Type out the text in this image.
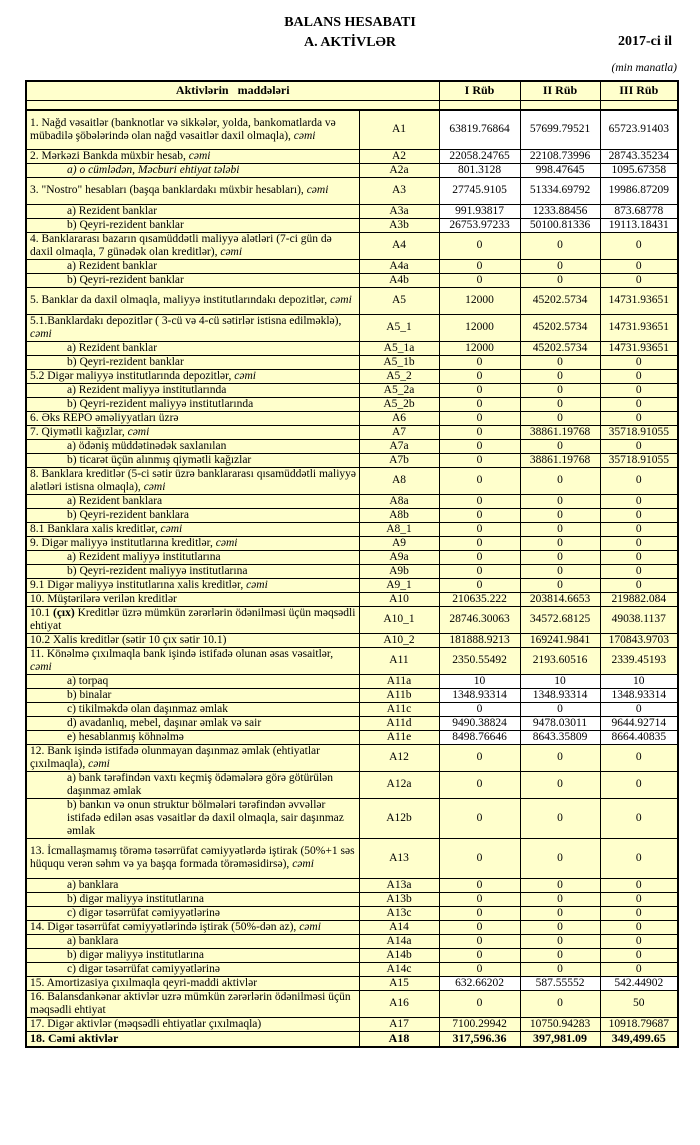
BALANS HESABATI
A. AKTİVLƏR	2017-ci il
(min manatla)
Aktivlərin   maddələri		I Rüb	II Rüb	III Rüb

1. Nağd vəsaitlər (banknotlar və sikkələr, yolda, bankomatlarda və mübadilə şöbələrində olan nağd vəsaitlər daxil olmaqla), cəmi	A1	63819.76864	57699.79521	65723.91403
2. Mərkəzi Bankda müxbir hesab, cəmi	A2	22058.24765	22108.73996	28743.35234
a) o cümlədən, Məcburi ehtiyat tələbi	A2a	801.3128	998.47645	1095.67358
3. "Nostro" hesabları (başqa banklardakı müxbir hesabları), cəmi	A3	27745.9105	51334.69792	19986.87209
a) Rezident banklar	A3a	991.93817	1233.88456	873.68778
b) Qeyri-rezident banklar	A3b	26753.97233	50100.81336	19113.18431
4. Banklararası bazarın qısamüddətli maliyyə alətləri (7-ci gün də daxil olmaqla, 7 günədək olan kreditlər), cəmi	A4	0	0	0
a) Rezident banklar	A4a	0	0	0
b) Qeyri-rezident banklar	A4b	0	0	0
5. Banklar da daxil olmaqla, maliyyə institutlarındakı depozitlər, cəmi	A5	12000	45202.5734	14731.93651
5.1.Banklardakı depozitlər ( 3-cü və 4-cü sətirlər istisna edilməklə), cəmi	A5_1	12000	45202.5734	14731.93651
a) Rezident banklar	A5_1a	12000	45202.5734	14731.93651
b) Qeyri-rezident banklar	A5_1b	0	0	0
5.2 Digər maliyyə institutlarında depozitlər, cəmi	A5_2	0	0	0
a) Rezident maliyyə institutlarında	A5_2a	0	0	0
b) Qeyri-rezident maliyyə institutlarında	A5_2b	0	0	0
6. Əks REPO əməliyyatları üzrə	A6	0	0	0
7. Qiymətli kağızlar, cəmi	A7	0	38861.19768	35718.91055
a) ödəniş müddətinədək saxlanılan	A7a	0	0	0
b) ticarət üçün alınmış qiymətli kağızlar	A7b	0	38861.19768	35718.91055
8. Banklara kreditlər (5-ci sətir üzrə banklararası qısamüddətli maliyyə alətləri istisna olmaqla), cəmi	A8	0	0	0
a) Rezident banklara	A8a	0	0	0
b) Qeyri-rezident banklara	A8b	0	0	0
8.1 Banklara xalis kreditlər, cəmi	A8_1	0	0	0
9. Digər maliyyə institutlarına kreditlər, cəmi	A9	0	0	0
a) Rezident maliyyə institutlarına	A9a	0	0	0
b) Qeyri-rezident maliyyə institutlarına	A9b	0	0	0
9.1 Digər maliyyə institutlarına xalis kreditlər, cəmi	A9_1	0	0	0
10. Müştərilərə verilən kreditlər	A10	210635.222	203814.6653	219882.084
10.1 (çıx) Kreditlər üzrə mümkün zərərlərin ödənilməsi üçün məqsədli ehtiyat	A10_1	28746.30063	34572.68125	49038.1137
10.2 Xalis kreditlər (sətir 10 çıx sətir 10.1)	A10_2	181888.9213	169241.9841	170843.9703
11. Könəlmə çıxılmaqla bank işində istifadə olunan əsas vəsaitlər, cəmi	A11	2350.55492	2193.60516	2339.45193
a) torpaq	A11a	10	10	10
b) binalar	A11b	1348.93314	1348.93314	1348.93314
c) tikilməkdə olan daşınmaz əmlak	A11c	0	0	0
d) avadanlıq, mebel, daşınar əmlak və sair	A11d	9490.38824	9478.03011	9644.92714
e) hesablanmış köhnəlmə	A11e	8498.76646	8643.35809	8664.40835
12. Bank işində istifadə olunmayan daşınmaz əmlak (ehtiyatlar çıxılmaqla), cəmi	A12	0	0	0
a) bank tərəfindən vaxtı keçmiş ödəmələrə görə götürülən daşınmaz əmlak	A12a	0	0	0
b) bankın və onun struktur bölmələri tərəfindən əvvəllər istifadə edilən əsas vəsaitlər də daxil olmaqla, sair daşınmaz əmlak	A12b	0	0	0
13. İcmallaşmamış törəmə təsərrüfat cəmiyyətlərdə iştirak (50%+1 səs hüququ verən səhm və ya başqa formada törəməsidirsə), cəmi	A13	0	0	0
a) banklara	A13a	0	0	0
b) digər maliyyə institutlarına	A13b	0	0	0
c) digər təsərrüfat cəmiyyətlərinə	A13c	0	0	0
14. Digər təsərrüfat cəmiyyətlərində iştirak (50%-dən az), cəmi	A14	0	0	0
a) banklara	A14a	0	0	0
b) digər maliyyə institutlarına	A14b	0	0	0
c) digər təsərrüfat cəmiyyətlərinə	A14c	0	0	0
15. Amortizasiya çıxılmaqla qeyri-maddi aktivlər	A15	632.66202	587.55552	542.44902
16. Balansdankənar aktivlər uzrə mümkün zərərlərin ödənilməsi üçün məqsədli ehtiyat	A16	0	0	50
17. Digər aktivlər (məqsədli ehtiyatlar çıxılmaqla)	A17	7100.29942	10750.94283	10918.79687
18. Cəmi aktivlər	A18	317,596.36	397,981.09	349,499.65
